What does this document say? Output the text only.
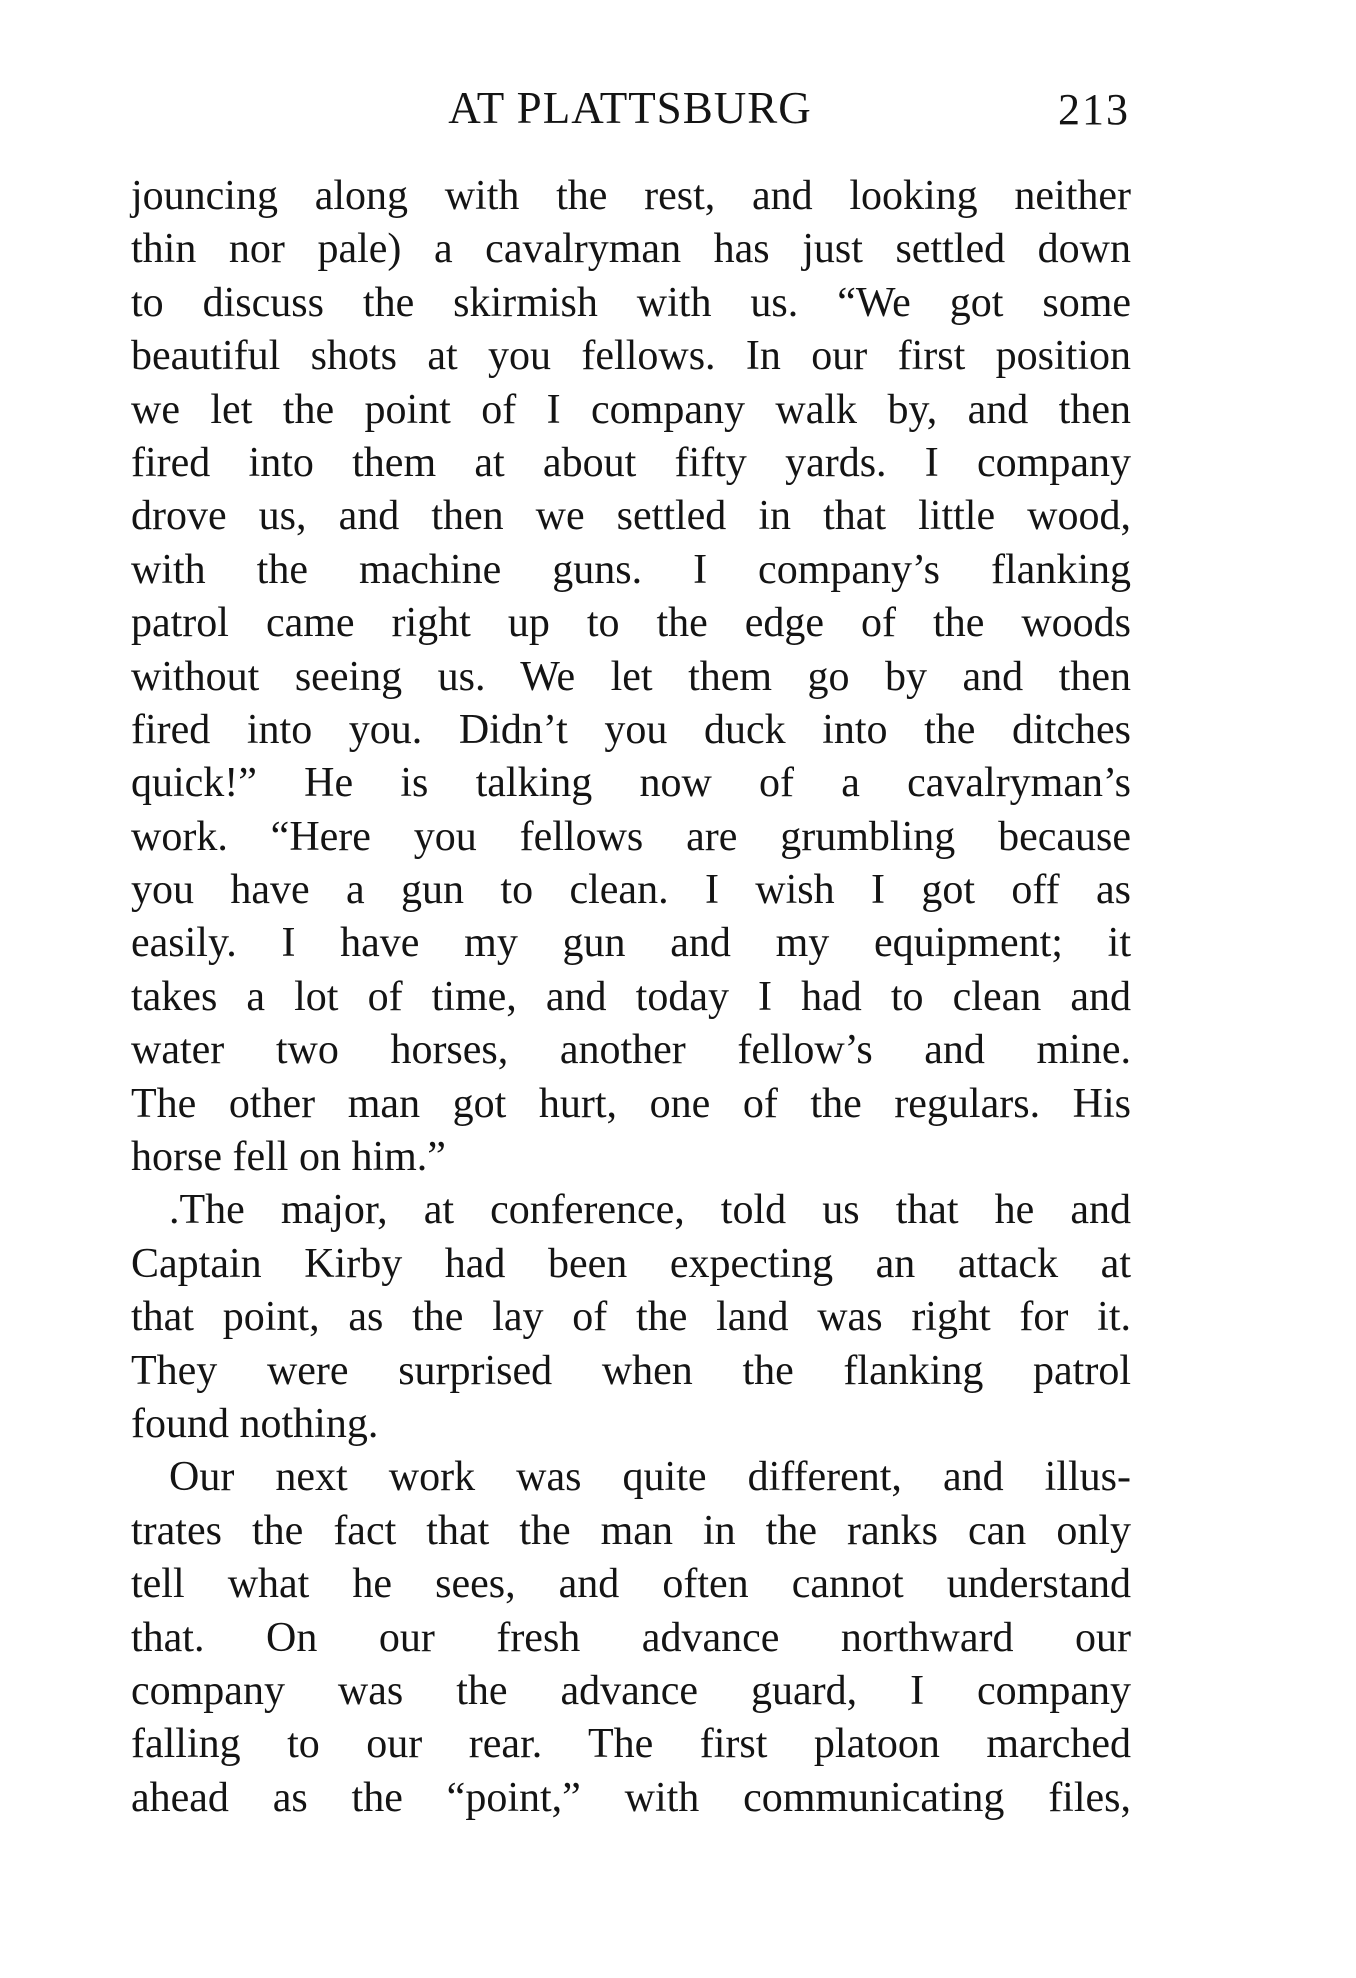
AT PLATTSBURG	213
jouncing along with the rest, and looking neither
thin nor pale) a cavalryman has just settled down
to discuss the skirmish with us. “We got some
beautiful shots at you fellows. In our first position
we let the point of I company walk by, and then
fired into them at about fifty yards. I company
drove us, and then we settled in that little wood,
with the machine guns. I company’s flanking
patrol came right up to the edge of the woods
without seeing us. We let them go by and then
fired into you. Didn’t you duck into the ditches
quick!” He is talking now of a cavalryman’s
work. “Here you fellows are grumbling because
you have a gun to clean. I wish I got off as
easily. I have my gun and my equipment; it
takes a lot of time, and today I had to clean and
water two horses, another fellow’s and mine.
The other man got hurt, one of the regulars. His
horse fell on him.”
.The major, at conference, told us that he and
Captain Kirby had been expecting an attack at
that point, as the lay of the land was right for it.
They were surprised when the flanking patrol
found nothing.
Our next work was quite different, and illus-
trates the fact that the man in the ranks can only
tell what he sees, and often cannot understand
that. On our fresh advance northward our
company was the advance guard, I company
falling to our rear. The first platoon marched
ahead as the “point,” with communicating files,
